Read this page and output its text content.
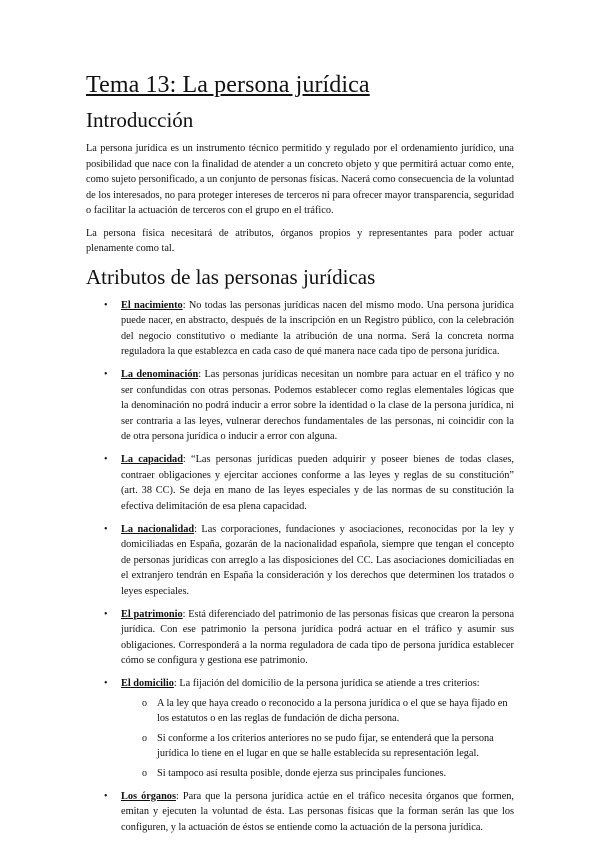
Tema 13: La persona jurídica
Introducción

La persona jurídica es un instrumento técnico permitido y regulado por el ordenamiento jurídico, una posibilidad que nace con la finalidad de atender a un concreto objeto y que permitirá actuar como ente, como sujeto personificado, a un conjunto de personas físicas. Nacerá como consecuencia de la voluntad de los interesados, no para proteger intereses de terceros ni para ofrecer mayor transparencia, seguridad o facilitar la actuación de terceros con el grupo en el tráfico.

La persona física necesitará de atributos, órganos propios y representantes para poder actuar plenamente como tal.

Atributos de las personas jurídicas
• El nacimiento: No todas las personas jurídicas nacen del mismo modo. Una persona jurídica puede nacer, en abstracto, después de la inscripción en un Registro público, con la celebración del negocio constitutivo o mediante la atribución de una norma. Será la concreta norma reguladora la que establezca en cada caso de qué manera nace cada tipo de persona jurídica.
• La denominación: Las personas jurídicas necesitan un nombre para actuar en el tráfico y no ser confundidas con otras personas. Podemos establecer como reglas elementales lógicas que la denominación no podrá inducir a error sobre la identidad o la clase de la persona jurídica, ni ser contraria a las leyes, vulnerar derechos fundamentales de las personas, ni coincidir con la de otra persona jurídica o inducir a error con alguna.
• La capacidad: “Las personas jurídicas pueden adquirir y poseer bienes de todas clases, contraer obligaciones y ejercitar acciones conforme a las leyes y reglas de su constitución” (art. 38 CC). Se deja en mano de las leyes especiales y de las normas de su constitución la efectiva delimitación de esa plena capacidad.
• La nacionalidad: Las corporaciones, fundaciones y asociaciones, reconocidas por la ley y domiciliadas en España, gozarán de la nacionalidad española, siempre que tengan el concepto de personas jurídicas con arreglo a las disposiciones del CC. Las asociaciones domiciliadas en el extranjero tendrán en España la consideración y los derechos que determinen los tratados o leyes especiales.
• El patrimonio: Está diferenciado del patrimonio de las personas físicas que crearon la persona jurídica. Con ese patrimonio la persona jurídica podrá actuar en el tráfico y asumir sus obligaciones. Corresponderá a la norma reguladora de cada tipo de persona jurídica establecer cómo se configura y gestiona ese patrimonio.
• El domicilio: La fijación del domicilio de la persona jurídica se atiende a tres criterios:
o A la ley que haya creado o reconocido a la persona jurídica o el que se haya fijado en los estatutos o en las reglas de fundación de dicha persona.
o Si conforme a los criterios anteriores no se pudo fijar, se entenderá que la persona jurídica lo tiene en el lugar en que se halle establecida su representación legal.
o Si tampoco así resulta posible, donde ejerza sus principales funciones.
• Los órganos: Para que la persona jurídica actúe en el tráfico necesita órganos que formen, emitan y ejecuten la voluntad de ésta. Las personas físicas que la forman serán las que los configuren, y la actuación de éstos se entiende como la actuación de la persona jurídica.
